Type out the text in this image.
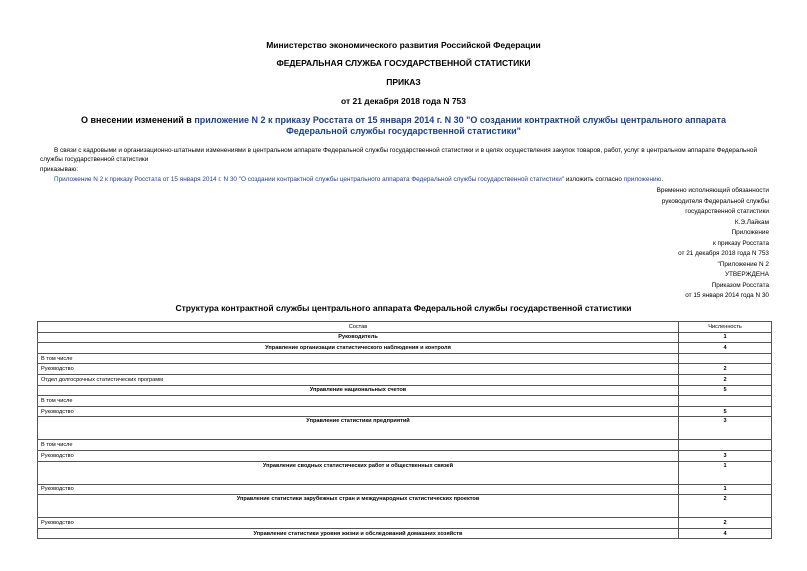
Министерство экономического развития Российской Федерации
ФЕДЕРАЛЬНАЯ СЛУЖБА ГОСУДАРСТВЕННОЙ СТАТИСТИКИ
ПРИКАЗ
от 21 декабря 2018 года N 753
О внесении изменений в приложение N 2 к приказу Росстата от 15 января 2014 г. N 30 "О создании контрактной службы центрального аппарата Федеральной службы государственной статистики"
В связи с кадровыми и организационно-штатными изменениями в центральном аппарате Федеральной службы государственной статистики и в целях осуществления закупок товаров, работ, услуг в центральном аппарате Федеральной службы государственной статистики
приказываю:
Приложение N 2 к приказу Росстата от 15 января 2014 г. N 30 "О создании контрактной службы центрального аппарата Федеральной службы государственной статистики" изложить согласно приложению.
Временно исполняющий обязанности
руководителя Федеральной службы
государственной статистики
К.Э.Лайкам
Приложение
к приказу Росстата
от 21 декабря 2018 года N 753
"Приложение N 2
УТВЕРЖДЕНА
Приказом Росстата
от 15 января 2014 года N 30
Структура контрактной службы центрального аппарата Федеральной службы государственной статистики
Состав	Численность
Руководитель	1
Управление организации статистического наблюдения и контроля	4
В том числе	
Руководство	2
Отдел долгосрочных статистических программ	2
Управление национальных счетов	5
В том числе	
Руководство	5
Управление статистики предприятий	3
В том числе	
Руководство	3
Управление сводных статистических работ и общественных связей	1
Руководство	1
Управление статистики зарубежных стран и международных статистических проектов	2
Руководство	2
Управление статистики уровня жизни и обследований домашних хозяйств	4
